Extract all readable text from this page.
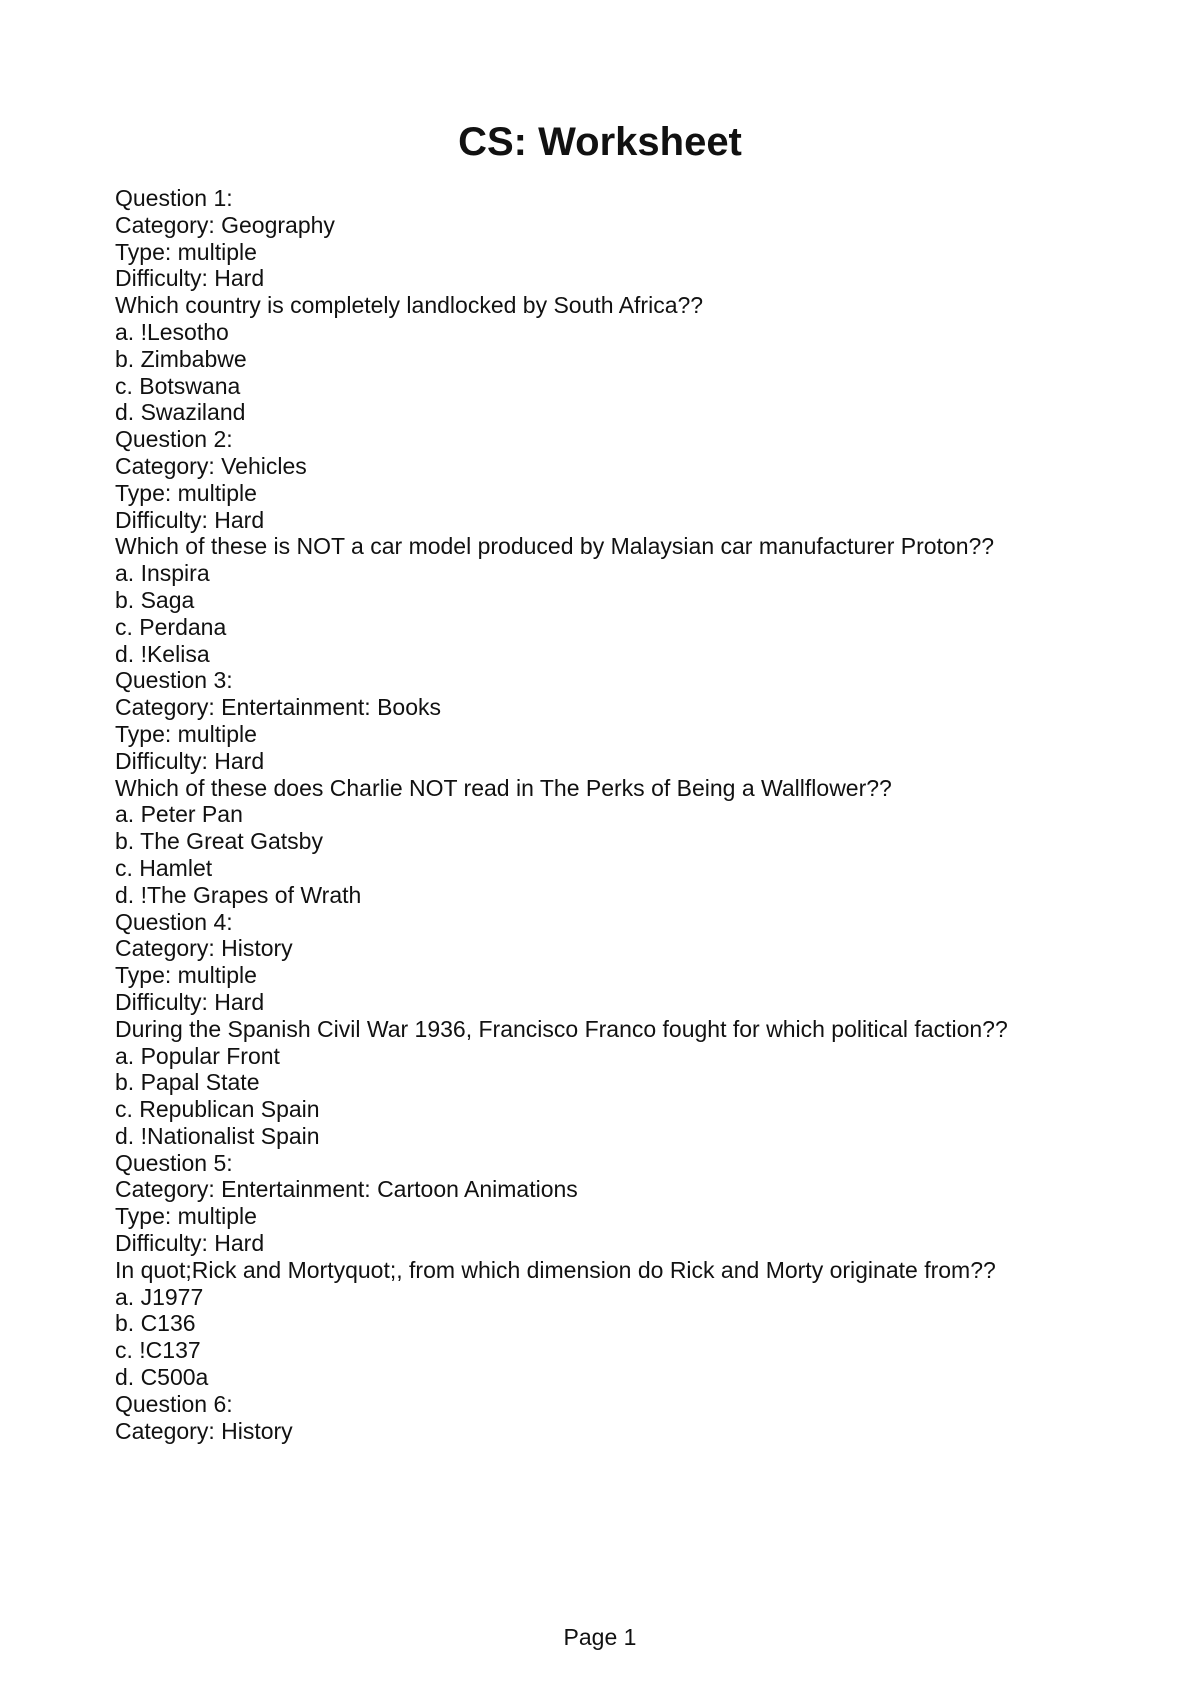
CS: Worksheet

Question 1:

Category: Geography

Type: multiple

Difficulty: Hard

Which country is completely landlocked by South Africa??

a. !Lesotho

b. Zimbabwe

c. Botswana

d. Swaziland

Question 2:

Category: Vehicles

Type: multiple

Difficulty: Hard

Which of these is NOT a car model produced by Malaysian car manufacturer Proton??

a. Inspira

b. Saga

c. Perdana

d. !Kelisa

Question 3:

Category: Entertainment: Books

Type: multiple

Difficulty: Hard

Which of these does Charlie NOT read in The Perks of Being a Wallflower??

a. Peter Pan

b. The Great Gatsby

c. Hamlet

d. !The Grapes of Wrath

Question 4:

Category: History

Type: multiple

Difficulty: Hard

During the Spanish Civil War 1936, Francisco Franco fought for which political faction??

a. Popular Front

b. Papal State

c. Republican Spain

d. !Nationalist Spain

Question 5:

Category: Entertainment: Cartoon Animations

Type: multiple

Difficulty: Hard

In quot;Rick and Mortyquot;, from which dimension do Rick and Morty originate from??

a. J1977

b. C136

c. !C137

d. C500a

Question 6:

Category: History

Page 1
